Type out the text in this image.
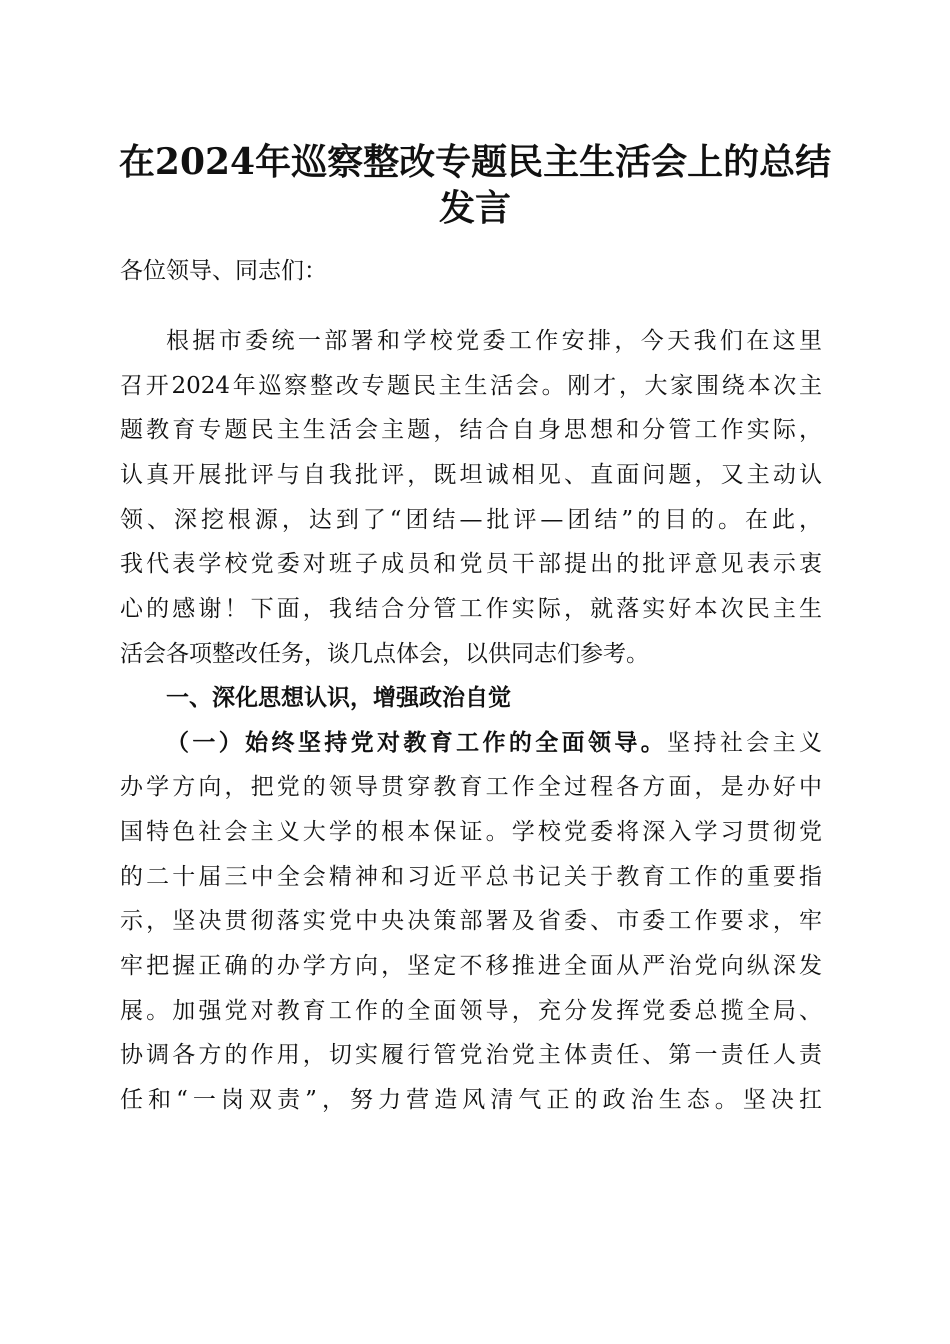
在2024年巡察整改专题民主生活会上的总结
发言
各位领导、同志们：
根据市委统一部署和学校党委工作安排，今天我们在这里
召开2024年巡察整改专题民主生活会。刚才，大家围绕本次主
题教育专题民主生活会主题，结合自身思想和分管工作实际，
认真开展批评与自我批评，既坦诚相见、直面问题，又主动认
领、深挖根源，达到了“团结—批评—团结”的目的。在此，
我代表学校党委对班子成员和党员干部提出的批评意见表示衷
心的感谢！下面，我结合分管工作实际，就落实好本次民主生
活会各项整改任务，谈几点体会，以供同志们参考。
一、深化思想认识，增强政治自觉
（一）始终坚持党对教育工作的全面领导。坚持社会主义
办学方向，把党的领导贯穿教育工作全过程各方面，是办好中
国特色社会主义大学的根本保证。学校党委将深入学习贯彻党
的二十届三中全会精神和习近平总书记关于教育工作的重要指
示，坚决贯彻落实党中央决策部署及省委、市委工作要求，牢
牢把握正确的办学方向，坚定不移推进全面从严治党向纵深发
展。加强党对教育工作的全面领导，充分发挥党委总揽全局、
协调各方的作用，切实履行管党治党主体责任、第一责任人责
任和“一岗双责”，努力营造风清气正的政治生态。坚决扛
